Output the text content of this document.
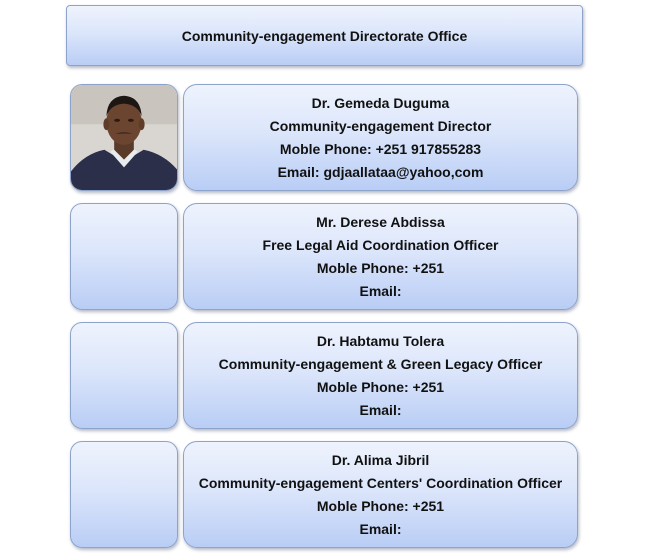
Community-engagement Directorate Office
Dr. Gemeda Duguma
Community-engagement Director
Moble Phone: +251 917855283
Email: gdjaallataa@yahoo,com
Mr. Derese Abdissa
Free Legal Aid Coordination Officer
Moble Phone: +251
Email:
Dr. Habtamu Tolera
Community-engagement & Green Legacy Officer
Moble Phone: +251
Email:
Dr. Alima Jibril
Community-engagement Centers' Coordination Officer
Moble Phone: +251
Email:
